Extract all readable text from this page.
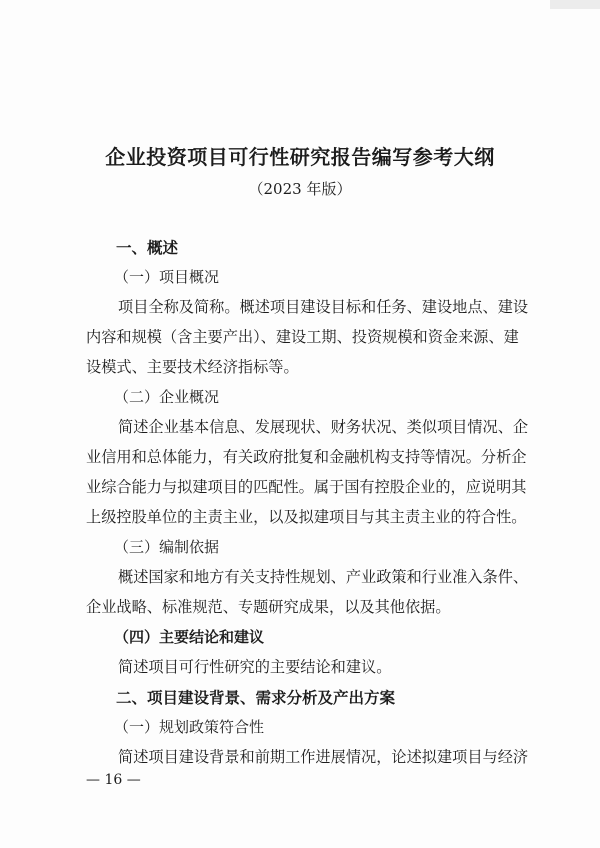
企业投资项目可行性研究报告编写参考大纲
（2023 年版）
一、概述
（一）项目概况
项目全称及简称。概述项目建设目标和任务、建设地点、建设
内容和规模（含主要产出）、建设工期、投资规模和资金来源、建
设模式、主要技术经济指标等。
（二）企业概况
简述企业基本信息、发展现状、财务状况、类似项目情况、企
业信用和总体能力，有关政府批复和金融机构支持等情况。分析企
业综合能力与拟建项目的匹配性。属于国有控股企业的，应说明其
上级控股单位的主责主业，以及拟建项目与其主责主业的符合性。
（三）编制依据
概述国家和地方有关支持性规划、产业政策和行业准入条件、
企业战略、标准规范、专题研究成果，以及其他依据。
（四）主要结论和建议
简述项目可行性研究的主要结论和建议。
二、项目建设背景、需求分析及产出方案
（一）规划政策符合性
简述项目建设背景和前期工作进展情况，论述拟建项目与经济
— 16 —
